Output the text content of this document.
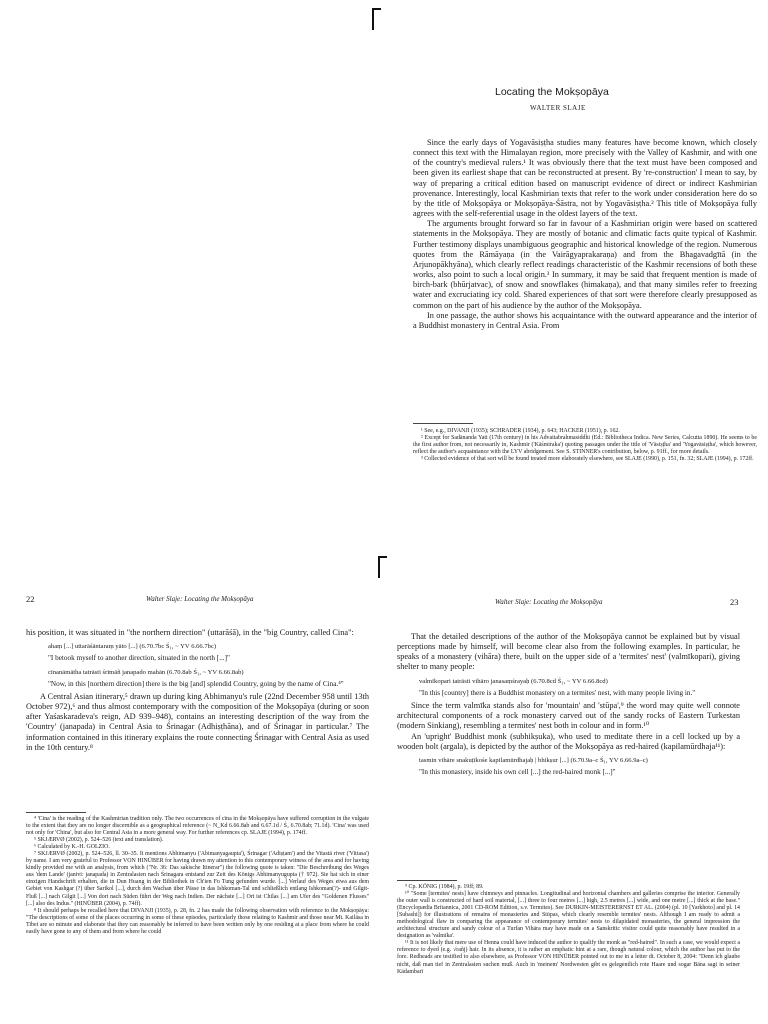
Locating the Mokṣopāya
WALTER SLAJE

Since the early days of Yogavāsiṣṭha studies many features have become known, which closely connect this text with the Himalayan region, more precisely with the Valley of Kashmir, and with one of the country's medieval rulers.¹ It was obviously there that the text must have been composed and been given its earliest shape that can be reconstructed at present. By 're-construction' I mean to say, by way of preparing a critical edition based on manuscript evidence of direct or indirect Kashmirian provenance. Interestingly, local Kashmirian texts that refer to the work under consideration here do so by the title of Mokṣopāya or Mokṣopāya-Śāstra, not by Yogavāsiṣṭha.² This title of Mokṣopāya fully agrees with the self-referential usage in the oldest layers of the text.

The arguments brought forward so far in favour of a Kashmirian origin were based on scattered statements in the Mokṣopāya. They are mostly of botanic and climatic facts quite typical of Kashmir. Further testimony displays unambiguous geographic and historical knowledge of the region. Numerous quotes from the Rāmāyaṇa (in the Vairāgyaprakaraṇa) and from the Bhagavadgītā (in the Arjunopākhyāna), which clearly reflect readings characteristic of the Kashmir recensions of both these works, also point to such a local origin.³ In summary, it may be said that frequent mention is made of birch-bark (bhūrjatvac), of snow and snowflakes (himakaṇa), and that many similes refer to freezing water and excruciating icy cold. Shared experiences of that sort were therefore clearly presupposed as common on the part of his audience by the author of the Mokṣopāya.

In one passage, the author shows his acquaintance with the outward appearance and the interior of a Buddhist monastery in Central Asia. From

¹ See, e.g., DIVANJI (1935); SCHRADER (1934), p. 643; HACKER (1951), p. 162.

² Except for Sadānanda Yati (17th century) in his Advaitabrahmasiddhi (Ed.: Bibliotheca Indica. New Series, Calcutta 1890). He seems to be the first author from, not necessarily in, Kashmir ('Kāśmiraka') quoting passages under the title of 'Vāsiṣṭha' and 'Yogavāsiṣṭha', which however, reflect the author's acquaintance with the LYV abridgement. See S. STINNER's contribution, below, p. 91ff., for more details.

³ Collected evidence of that sort will be found treated more elaborately elsewhere, see SLAJE (1990), p. 151, fn. 32; SLAJE (1994), p. 172ff.

22	Walter Slaje: Locating the Mokṣopāya

his position, it was situated in "the northern direction" (uttarāśā), in the "big Country, called Cina":

ahaṃ [...] uttarāśāntaraṃ yāto [...] (6.70.7bc Ś₁, ~ YV 6.66.7bc)

"I betook myself to another direction, situated in the north [...]"

cīnanāmātha tatrāsti śrīmāñ janapado mahān (6.70.8ab Ś₁, ~ YV 6.66.8ab)

"Now, in this [northern direction] there is the big [and] splendid Country, going by the name of Cina.⁴"

A Central Asian itinerary,⁵ drawn up during king Abhimanyu's rule (22nd December 958 until 13th October 972),⁶ and thus almost contemporary with the composition of the Mokṣopāya (during or soon after Yaśaskaradeva's reign, AD 939–948), contains an interesting description of the way from the 'Country' (janapada) in Central Asia to Śrinagar (Adhiṣṭhāna), and of Śrinagar in particular.⁷ The information contained in this itinerary explains the route connecting Śrinagar with Central Asia as used in the 10th century.⁸

⁴ 'Cina' is the reading of the Kashmirian tradition only. The two occurrences of cīna in the Mokṣopāya have suffered corruption in the vulgate to the extent that they are no longer discernible as a geographical reference (~ N_Kd 6.66.8ab and 6.67.1d / Ś₁ 6.70.8ab; 71.1d). 'Cina' was used not only for 'China', but also for Central Asia in a more general way. For further references cp. SLAJE (1994), p. 174ff.

⁵ SKJÆRVØ (2002), p. 524–526 (text and translation).

⁶ Calculated by K.-H. GOLZIO.

⁷ SKJÆRVØ (2002), p. 524–526, ll. 30–35. It mentions Abhimanyu ('Abimanyagaupta'), Śrinagar ('Adiṣṭam') and the Vitastā river ('Vittasa') by name. I am very grateful to Professor VON HINÜBER for having drawn my attention to this contemporary witness of the area and for having kindly provided me with an analysis, from which ("Nr. 36: Das sakische Itinerar") the following quote is taken: "Die Beschreibung des Weges aus 'dem Lande' (janivi: janapada) in Zentralasien nach Śrinagara entstand zur Zeit des Königs Abhimanyugupta († 972). Sie hat sich in einer einzigen Handschrift erhalten, die in Dun Huang in der Bibliothek in Ch'ien Fo Tung gefunden wurde. [...] Verlauf des Weges etwa aus dem Gebiet von Kashgar (?) über Sarikol [...], durch den Wachan über Pässe in das Ishkoman-Tal und schließlich entlang Ishkoman(?)- und Gilgit-Fluß [...] nach Gilgit [...] Von dort nach Süden führt der Weg nach Indien. Der nächste [...] Ort ist Chilas [...] am Ufer des "Goldenen Flusses" [...] also des Indus." (HINÜBER (2004), p. 74ff).

⁸ It should perhaps be recalled here that DIVANJI (1935), p. 28, fn. 2 has made the following observation with reference to the Mokṣopāya: "The descriptions of some of the places occurring in some of these episodes, particularly those relating to Kashmir and those near Mt. Kailāsa in Tibet are so minute and elaborate that they can reasonably be inferred to have been written only by one residing at a place from where he could easily have gone to any of them and from where he could

Walter Slaje: Locating the Mokṣopāya	23

That the detailed descriptions of the author of the Mokṣopāya cannot be explained but by visual perceptions made by himself, will become clear also from the following examples. In particular, he speaks of a monastery (vihāra) there, built on the upper side of a 'termites' nest' (valmīkopari), giving shelter to many people:

valmīkopari tatrāsti vihāro janasaṃśrayaḥ (6.70.8cd Ś₁, ~ YV 6.66.8cd)

"In this [country] there is a Buddhist monastery on a termites' nest, with many people living in."

Since the term valmīka stands also for 'mountain' and 'stūpa',⁹ the word may quite well connote architectural components of a rock monastery carved out of the sandy rocks of Eastern Turkestan (modern Sinkiang), resembling a termites' nest both in colour and in form.¹⁰

An 'upright' Buddhist monk (subhikṣuka), who used to meditate there in a cell locked up by a wooden bolt (argala), is depicted by the author of the Mokṣopāya as red-haired (kapilamūrdhaja¹¹):

tasmin vihāre snakuṭīkośe kapilamūrdhajaḥ | bhikṣur [...] (6.70.9a–c Ś₁, YV 6.66.9a–c)

"In this monastery, inside his own cell [...] the red-haired monk [...]"

⁹ Cp. KÖNIG (1984), p. 19ff; 89.

¹⁰ "Some [termites' nests] have chimneys and pinnacles. Longitudinal and horizontal chambers and galleries comprise the interior. Generally the outer wall is constructed of hard soil material, [...] three to four metres [...] high, 2.5 metres [...] wide, and one metre [...] thick at the base." (Encyclopædia Britannica, 2001 CD-ROM Edition, s.v. Termites). See DURKIN-MEISTERERNST ET AL. (2004) (pl. 10 [Yarkhoto] and pl. 14 [Subashi]) for illustrations of remains of monasteries and Stūpas, which clearly resemble termites' nests. Although I am ready to admit a methodological flaw in comparing the appearance of contemporary termites' nests to dilapidated monasteries, the general impression the architectural structure and sandy colour of a Turfan Vihāra may have made on a Sanskritic visitor could quite reasonably have resulted in a designation as 'valmīka'.

¹¹ It is not likely that mere use of Henna could have induced the author to qualify the monk as "red-haired". In such a case, we would expect a reference to dyed (e.g. √rañj) hair. In its absence, it is rather an emphatic hint at a rare, though natural colour, which the author has put to the fore. Redheads are testified to also elsewhere, as Professor VON HINÜBER pointed out to me in a letter dt. October 8, 2004: "Denn ich glaube nicht, daß man tief in Zentralasien suchen muß. Auch in 'meinem' Nordwesten gibt es gelegentlich rote Haare und sogar Bäna sagt in seiner Kādambarī
